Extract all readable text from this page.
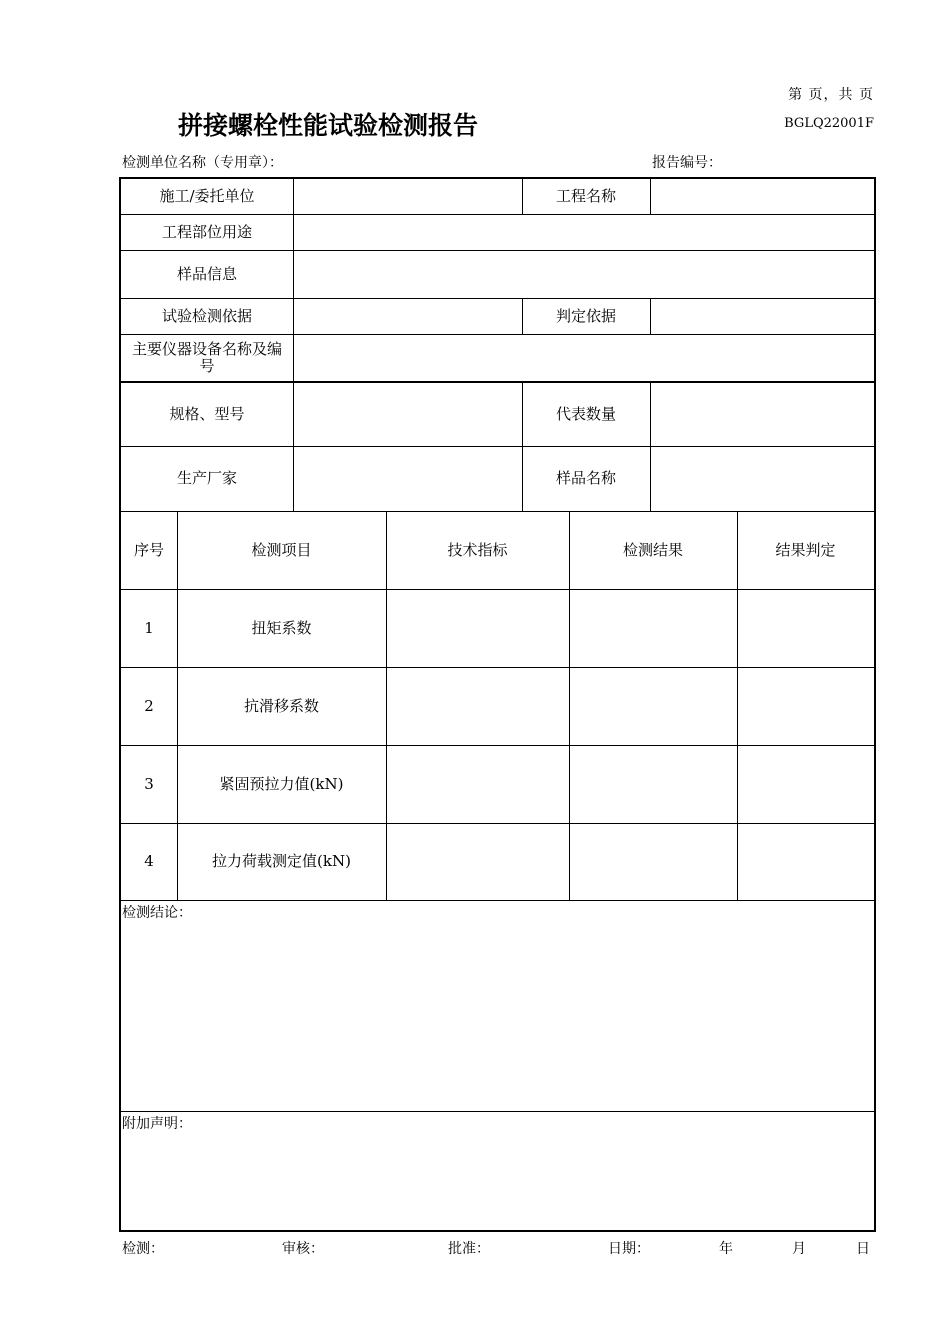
第 页，共 页
拼接螺栓性能试验检测报告	BGLQ22001F
检测单位名称（专用章）：	报告编号：
施工/委托单位	工程名称
工程部位用途
样品信息
试验检测依据	判定依据
主要仪器设备名称及编号
规格、型号	代表数量
生产厂家	样品名称
序号	检测项目	技术指标	检测结果	结果判定
1	扭矩系数
2	抗滑移系数
3	紧固预拉力值(kN)
4	拉力荷载测定值(kN)
检测结论：
附加声明：
检测：	审核：	批准：	日期：	年	月	日
